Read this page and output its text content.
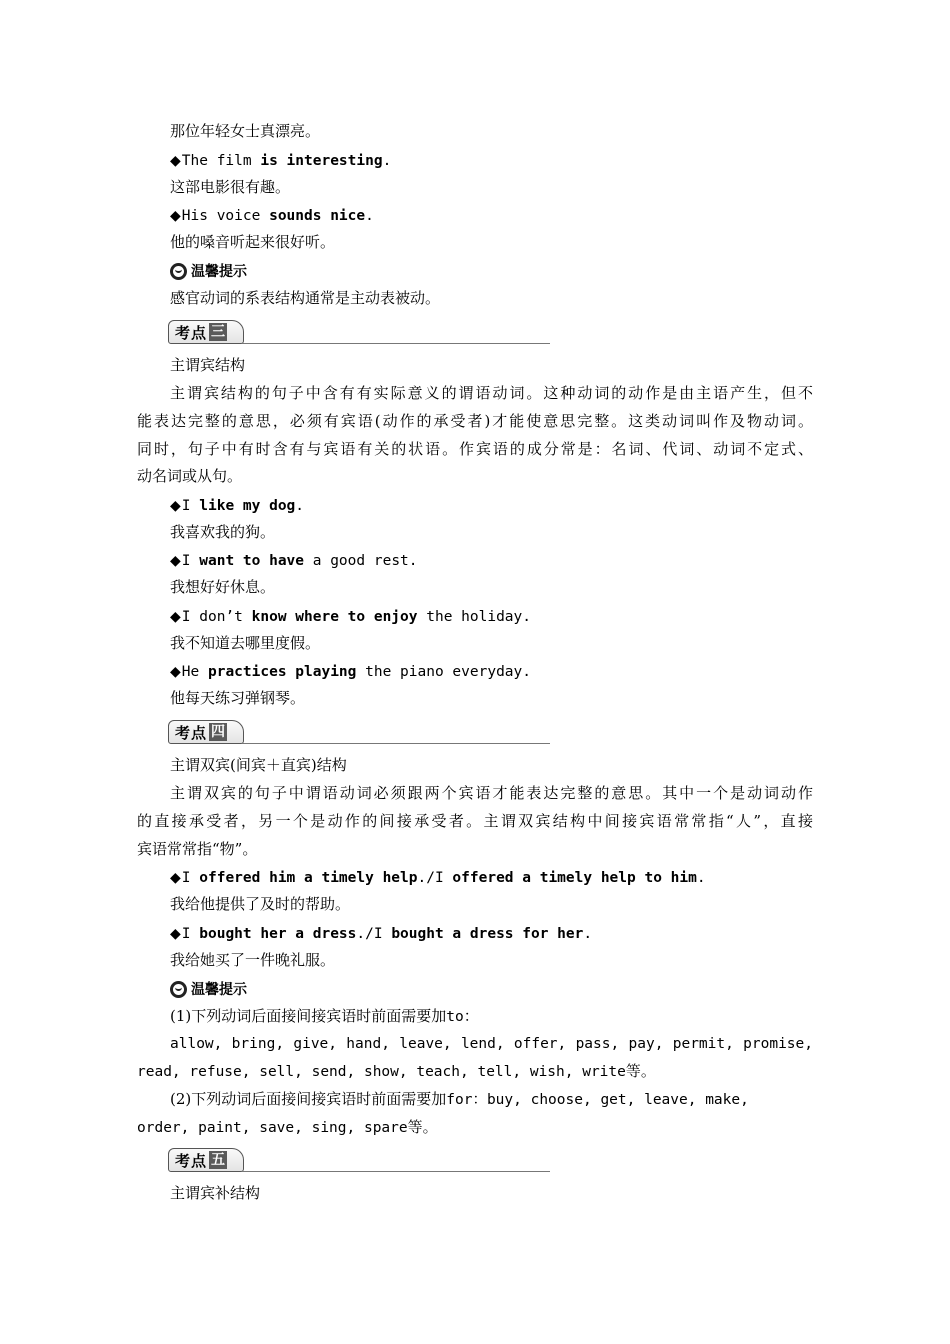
那位年轻女士真漂亮。
◆The film is interesting.
这部电影很有趣。
◆His voice sounds nice.
他的嗓音听起来很好听。
温馨提示
感官动词的系表结构通常是主动表被动。
考点 三
主谓宾结构
主谓宾结构的句子中含有有实际意义的谓语动词。这种动词的动作是由主语产生，但不
能表达完整的意思，必须有宾语(动作的承受者)才能使意思完整。这类动词叫作及物动词。
同时，句子中有时含有与宾语有关的状语。作宾语的成分常是：名词、代词、动词不定式、
动名词或从句。
◆I like my dog.
我喜欢我的狗。
◆I want to have a good rest.
我想好好休息。
◆I don’t know where to enjoy the holiday.
我不知道去哪里度假。
◆He practices playing the piano everyday.
他每天练习弹钢琴。
考点 四
主谓双宾(间宾＋直宾)结构
主谓双宾的句子中谓语动词必须跟两个宾语才能表达完整的意思。其中一个是动词动作
的直接承受者，另一个是动作的间接承受者。主谓双宾结构中间接宾语常常指“人”，直接
宾语常常指“物”。
◆I offered him a timely help./I offered a timely help to him.
我给他提供了及时的帮助。
◆I bought her a dress./I bought a dress for her.
我给她买了一件晚礼服。
温馨提示
(1)下列动词后面接间接宾语时前面需要加to：
allow, bring, give, hand, leave, lend, offer, pass, pay, permit, promise,
read, refuse, sell, send, show, teach, tell, wish, write等。
(2)下列动词后面接间接宾语时前面需要加for：buy, choose, get, leave, make,
order, paint, save, sing, spare等。
考点 五
主谓宾补结构
